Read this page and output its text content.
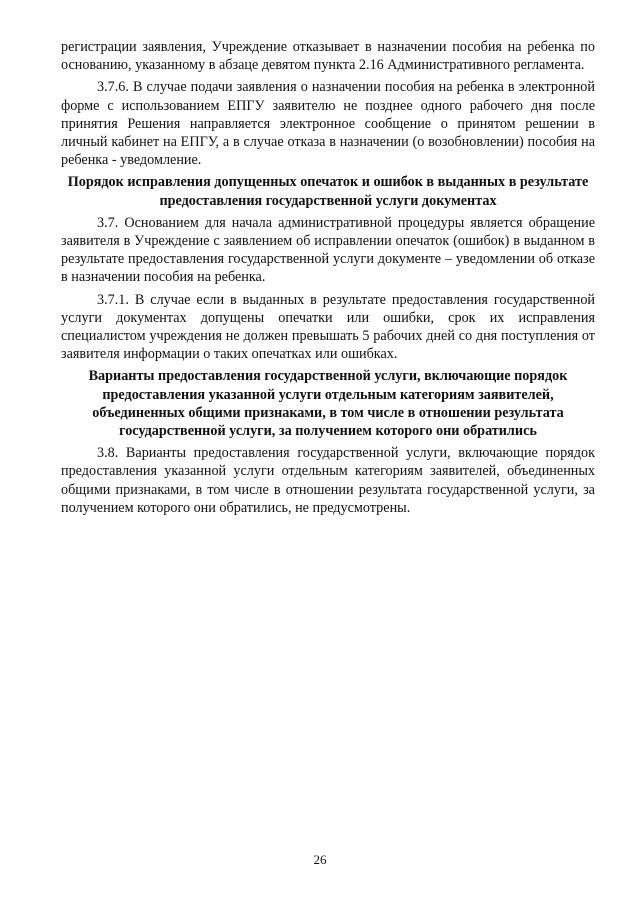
регистрации заявления, Учреждение отказывает в назначении пособия на ребенка по основанию, указанному в абзаце девятом пункта 2.16 Административного регламента.

3.7.6. В случае подачи заявления о назначении пособия на ребенка в электронной форме с использованием ЕПГУ заявителю не позднее одного рабочего дня после принятия Решения направляется электронное сообщение о принятом решении в личный кабинет на ЕПГУ, а в случае отказа в назначении (о возобновлении) пособия на ребенка - уведомление.

Порядок исправления допущенных опечаток и ошибок в выданных в результате предоставления государственной услуги документах

3.7. Основанием для начала административной процедуры является обращение заявителя в Учреждение с заявлением об исправлении опечаток (ошибок) в выданном в результате предоставления государственной услуги документе – уведомлении об отказе в назначении пособия на ребенка.

3.7.1. В случае если в выданных в результате предоставления государственной услуги документах допущены опечатки или ошибки, срок их исправления специалистом учреждения не должен превышать 5 рабочих дней со дня поступления от заявителя информации о таких опечатках или ошибках.

Варианты предоставления государственной услуги, включающие порядок предоставления указанной услуги отдельным категориям заявителей, объединенных общими признаками, в том числе в отношении результата государственной услуги, за получением которого они обратились

3.8. Варианты предоставления государственной услуги, включающие порядок предоставления указанной услуги отдельным категориям заявителей, объединенных общими признаками, в том числе в отношении результата государственной услуги, за получением которого они обратились, не предусмотрены.

26
